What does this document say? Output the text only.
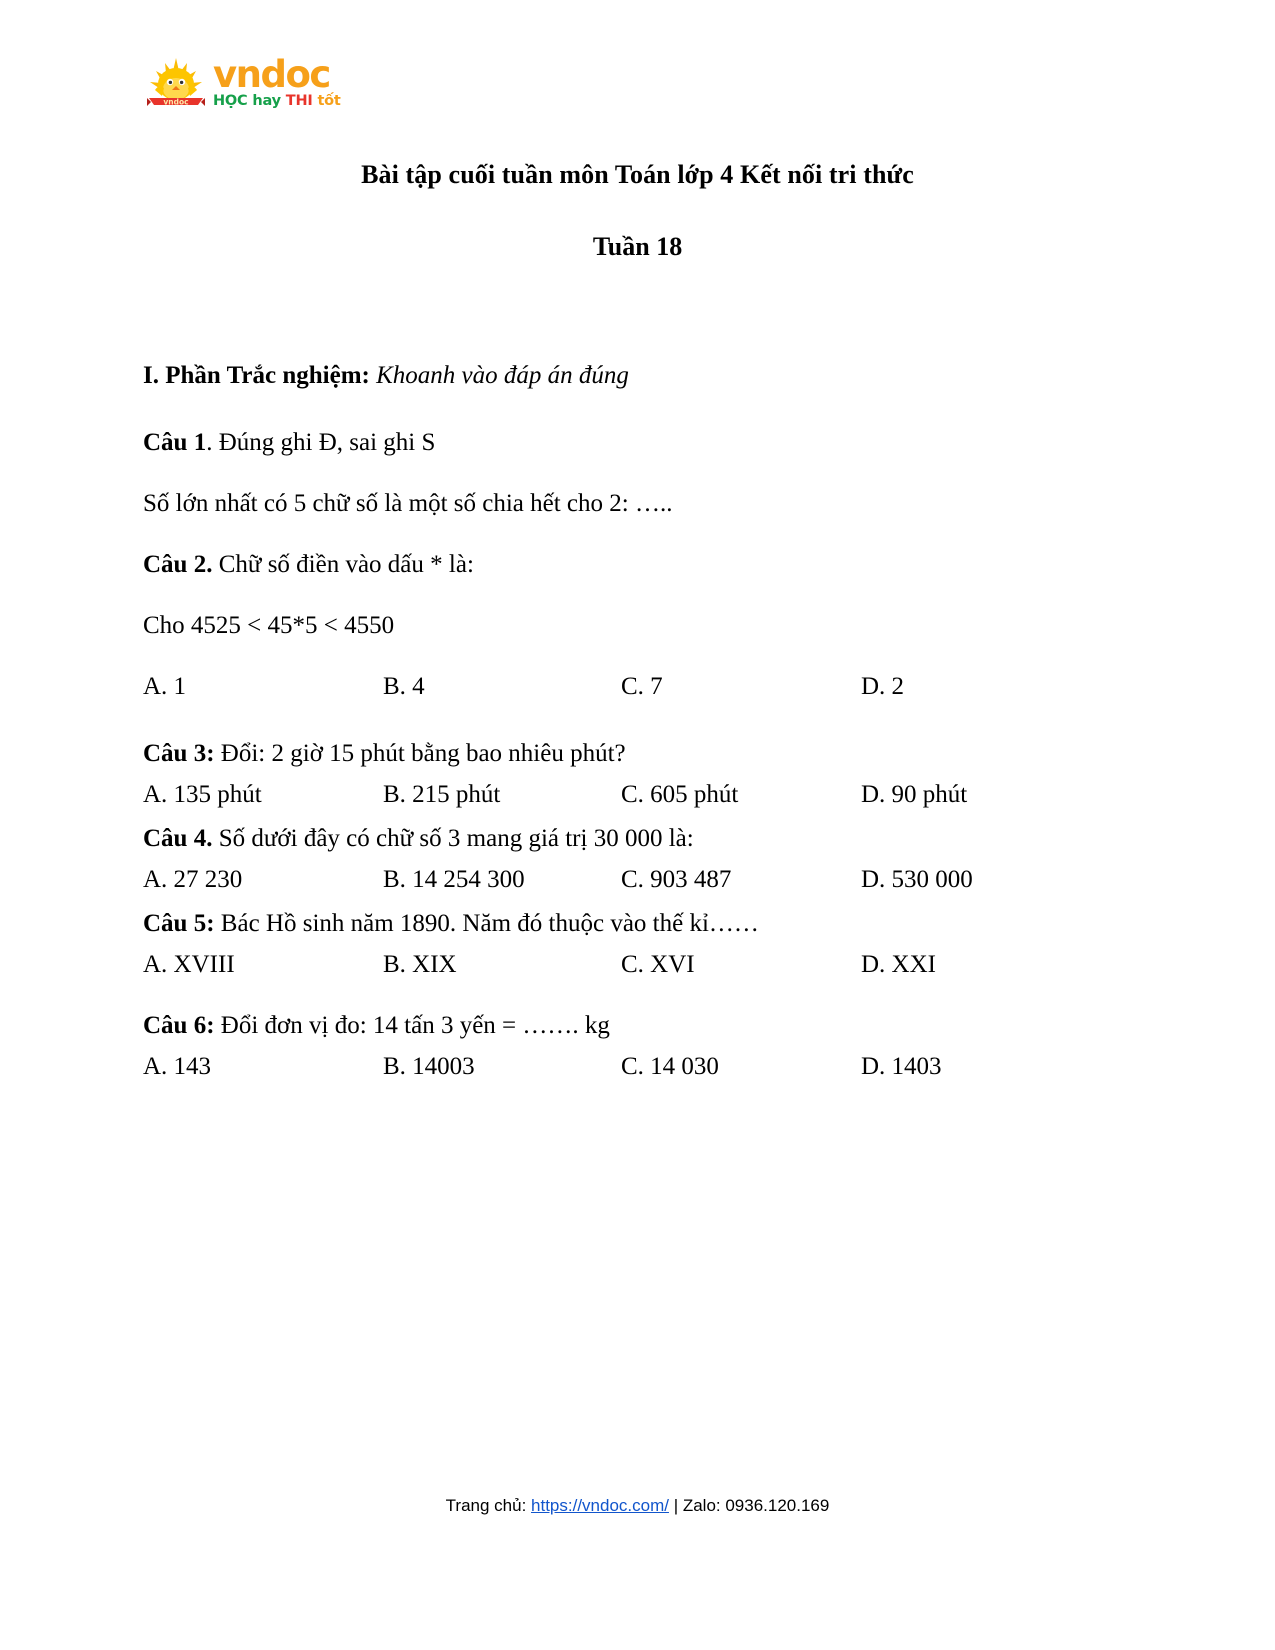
vndoc
vndoc
HỌC hay THI tốt
Bài tập cuối tuần môn Toán lớp 4 Kết nối tri thức
Tuần 18
I. Phần Trắc nghiệm: Khoanh vào đáp án đúng
Câu 1. Đúng ghi Đ, sai ghi S
Số lớn nhất có 5 chữ số là một số chia hết cho 2: …..
Câu 2. Chữ số điền vào dấu * là:
Cho 4525 < 45*5 < 4550
A. 1	B. 4	C. 7	D. 2
Câu 3: Đổi: 2 giờ 15 phút bằng bao nhiêu phút?
A. 135 phút	B. 215 phút	C. 605 phút	D. 90 phút
Câu 4. Số dưới đây có chữ số 3 mang giá trị 30 000 là:
A. 27 230	B. 14 254 300	C. 903 487	D. 530 000
Câu 5: Bác Hồ sinh năm 1890. Năm đó thuộc vào thế kỉ……
A. XVIII	B. XIX	C. XVI	D. XXI
Câu 6: Đổi đơn vị đo: 14 tấn 3 yến = ……. kg
A. 143	B. 14003	C. 14 030	D. 1403
Trang chủ: https://vndoc.com/ | Zalo: 0936.120.169
